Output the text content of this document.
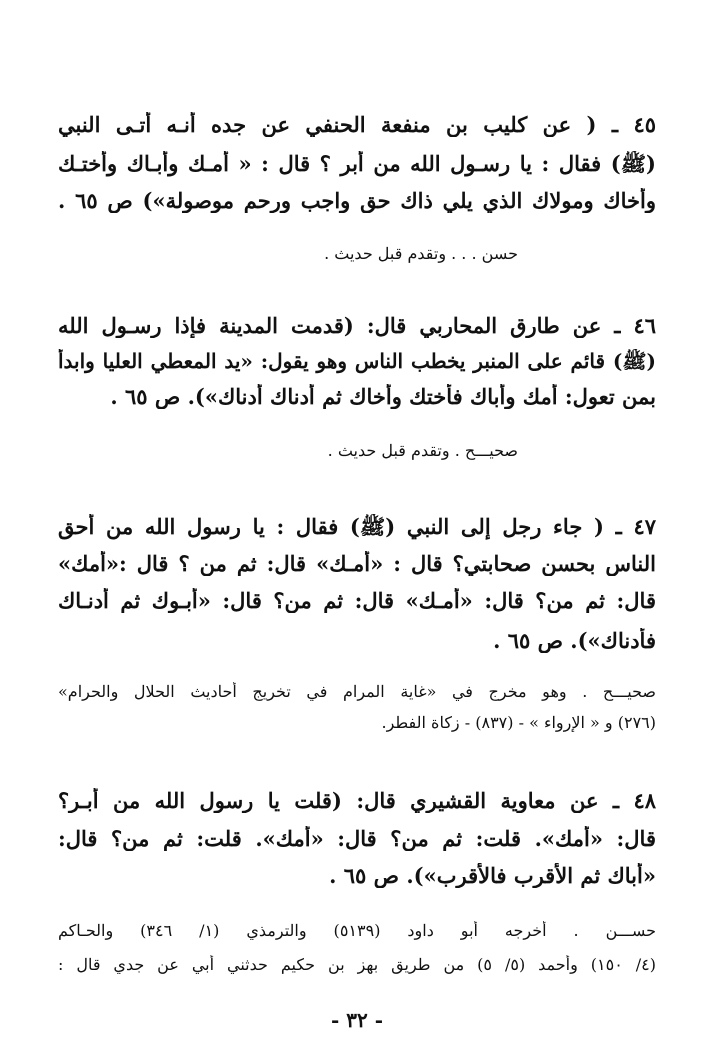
٤٥ ـ ( عن كليب بن منفعة الحنفي عن جده أنـه أتـى النبي
(ﷺ) فقال : يا رسـول الله من أبر ؟ قال : « أمـك وأبـاك وأختـك
وأخاك ومولاك الذي يلي ذاك حق واجب ورحم موصولة») ص ٦٥ .
حسن . . . وتقدم قبل حديث .
٤٦ ـ عن طارق المحاربي قال: (قدمت المدينة فإذا رسـول الله
(ﷺ) قائم على المنبر يخطب الناس وهو يقول: «يد المعطي العليا وابدأ
بمن تعول: أمك وأباك فأختك وأخاك ثم أدناك أدناك»). ص ٦٥ .
صحيـــح . وتقدم قبل حديث .
٤٧ ـ ( جاء رجل إلى النبي (ﷺ) فقال : يا رسول الله من أحق
الناس بحسن صحابتي؟ قال : «أمـك» قال: ثم من ؟ قال :«أمك»
قال: ثم من؟ قال: «أمـك» قال: ثم من؟ قال: «أبـوك ثم أدنـاك
فأدناك»). ص ٦٥ .
صحيـــح . وهو مخرج في «غاية المرام في تخريج أحاديث الحلال والحرام»
(٢٧٦) و « الإرواء » - (٨٣٧) - زكاة الفطر.
٤٨ ـ عن معاوية القشيري قال: (قلت يا رسول الله من أبـر؟
قال: «أمك». قلت: ثم من؟ قال: «أمك». قلت: ثم من؟ قال:
«أباك ثم الأقرب فالأقرب»). ص ٦٥ .
حســـن . أخرجه أبو داود (٥١٣٩) والترمذي (١/ ٣٤٦) والحـاكم
(٤/ ١٥٠) وأحمد (٥/ ٥) من طريق بهز بن حكيم حدثني أبي عن جدي قال :
- ٣٢ -
